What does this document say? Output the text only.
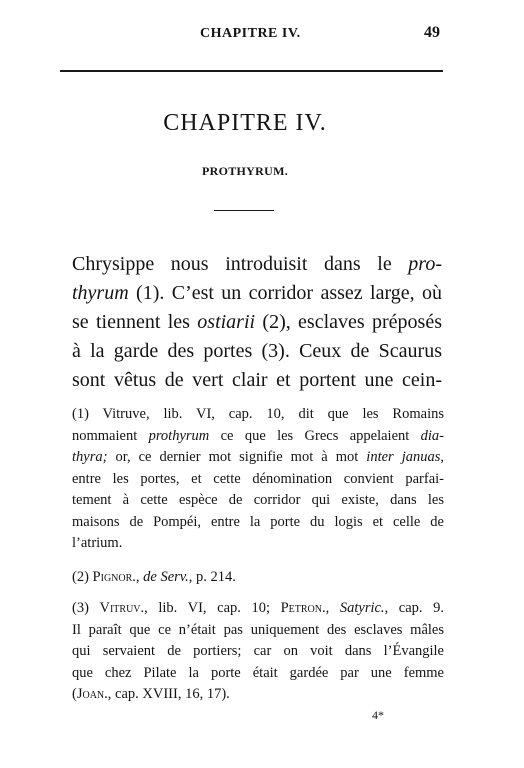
CHAPITRE IV.	49
CHAPITRE IV.
PROTHYRUM.
Chrysippe nous introduisit dans le pro-
thyrum (1). C’est un corridor assez large, où
se tiennent les ostiarii (2), esclaves préposés
à la garde des portes (3). Ceux de Scaurus
sont vêtus de vert clair et portent une cein-
(1) Vitruve, lib. VI, cap. 10, dit que les Romains
nommaient prothyrum ce que les Grecs appelaient dia-
thyra; or, ce dernier mot signifie mot à mot inter januas,
entre les portes, et cette dénomination convient parfai-
tement à cette espèce de corridor qui existe, dans les
maisons de Pompéi, entre la porte du logis et celle de
l’atrium.
(2) Pignor., de Serv., p. 214.
(3) Vitruv., lib. VI, cap. 10; Petron., Satyric., cap. 9.
Il paraît que ce n’était pas uniquement des esclaves mâles
qui servaient de portiers; car on voit dans l’Évangile
que chez Pilate la porte était gardée par une femme
(Joan., cap. XVIII, 16, 17).
4*
